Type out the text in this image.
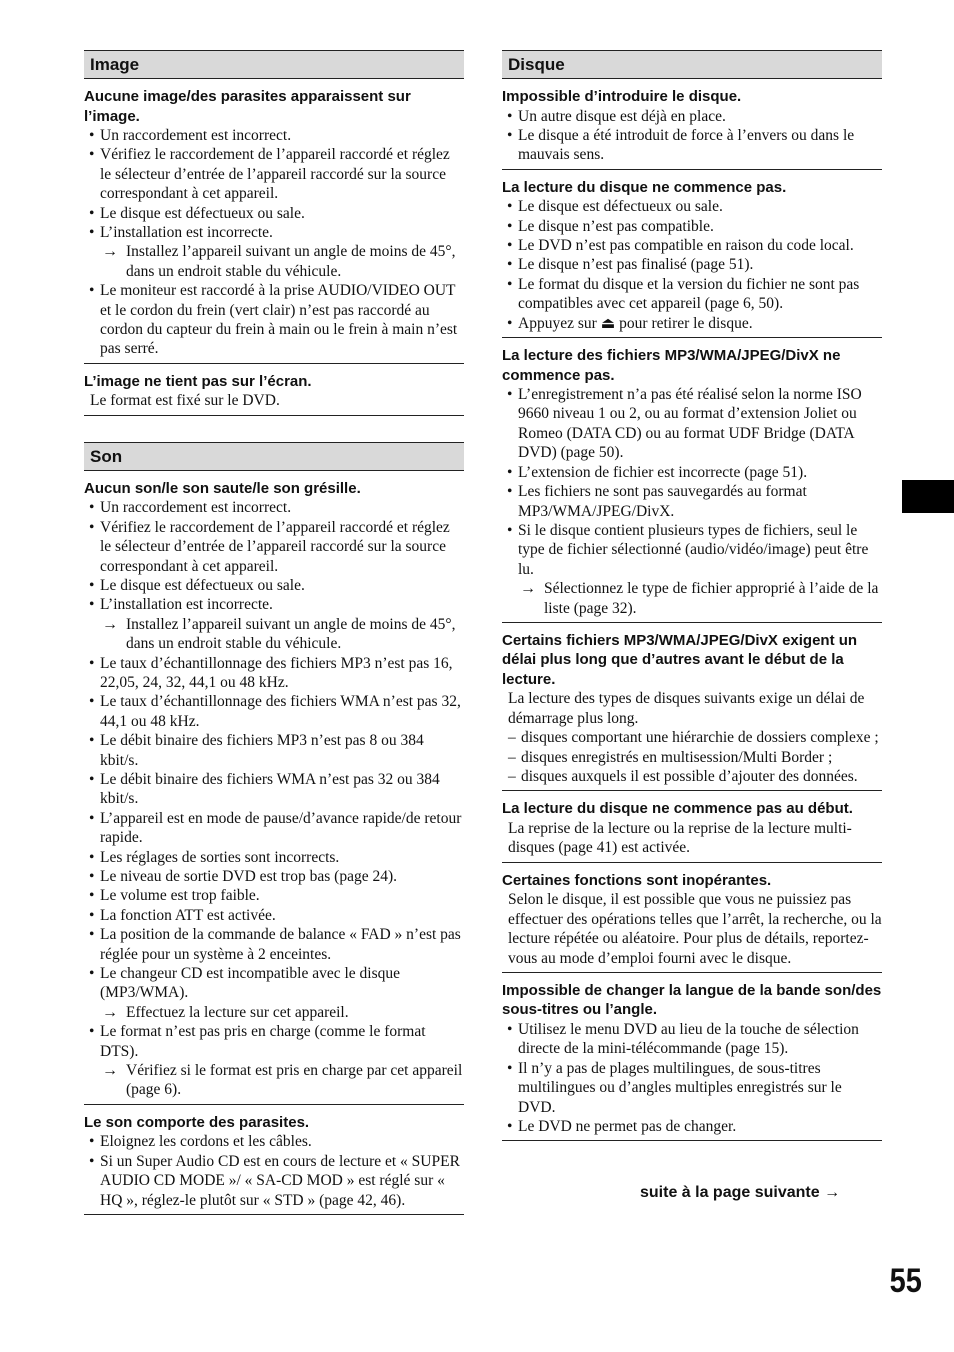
Image
Aucune image/des parasites apparaissent sur l’image.
• Un raccordement est incorrect.
• Vérifiez le raccordement de l’appareil raccordé et réglez le sélecteur d’entrée de l’appareil raccordé sur la source correspondant à cet appareil.
• Le disque est défectueux ou sale.
• L’installation est incorrecte.
→ Installez l’appareil suivant un angle de moins de 45°, dans un endroit stable du véhicule.
• Le moniteur est raccordé à la prise AUDIO/VIDEO OUT et le cordon du frein (vert clair) n’est pas raccordé au cordon du capteur du frein à main ou le frein à main n’est pas serré.
L’image ne tient pas sur l’écran.
Le format est fixé sur le DVD.
Son
Aucun son/le son saute/le son grésille.
• Un raccordement est incorrect.
• Vérifiez le raccordement de l’appareil raccordé et réglez le sélecteur d’entrée de l’appareil raccordé sur la source correspondant à cet appareil.
• Le disque est défectueux ou sale.
• L’installation est incorrecte.
→ Installez l’appareil suivant un angle de moins de 45°, dans un endroit stable du véhicule.
• Le taux d’échantillonnage des fichiers MP3 n’est pas 16, 22,05, 24, 32, 44,1 ou 48 kHz.
• Le taux d’échantillonnage des fichiers WMA n’est pas 32, 44,1 ou 48 kHz.
• Le débit binaire des fichiers MP3 n’est pas 8 ou 384 kbit/s.
• Le débit binaire des fichiers WMA n’est pas 32 ou 384 kbit/s.
• L’appareil est en mode de pause/d’avance rapide/de retour rapide.
• Les réglages de sorties sont incorrects.
• Le niveau de sortie DVD est trop bas (page 24).
• Le volume est trop faible.
• La fonction ATT est activée.
• La position de la commande de balance « FAD » n’est pas réglée pour un système à 2 enceintes.
• Le changeur CD est incompatible avec le disque (MP3/WMA).
→ Effectuez la lecture sur cet appareil.
• Le format n’est pas pris en charge (comme le format DTS).
→ Vérifiez si le format est pris en charge par cet appareil (page 6).
Le son comporte des parasites.
• Eloignez les cordons et les câbles.
• Si un Super Audio CD est en cours de lecture et « SUPER AUDIO CD MODE »/ « SA-CD MOD » est réglé sur « HQ », réglez-le plutôt sur « STD » (page 42, 46).
Disque
Impossible d’introduire le disque.
• Un autre disque est déjà en place.
• Le disque a été introduit de force à l’envers ou dans le mauvais sens.
La lecture du disque ne commence pas.
• Le disque est défectueux ou sale.
• Le disque n’est pas compatible.
• Le DVD n’est pas compatible en raison du code local.
• Le disque n’est pas finalisé (page 51).
• Le format du disque et la version du fichier ne sont pas compatibles avec cet appareil (page 6, 50).
• Appuyez sur ⏏ pour retirer le disque.
La lecture des fichiers MP3/WMA/JPEG/DivX ne commence pas.
• L’enregistrement n’a pas été réalisé selon la norme ISO 9660 niveau 1 ou 2, ou au format d’extension Joliet ou Romeo (DATA CD) ou au format UDF Bridge (DATA DVD) (page 50).
• L’extension de fichier est incorrecte (page 51).
• Les fichiers ne sont pas sauvegardés au format MP3/WMA/JPEG/DivX.
• Si le disque contient plusieurs types de fichiers, seul le type de fichier sélectionné (audio/vidéo/image) peut être lu.
→ Sélectionnez le type de fichier approprié à l’aide de la liste (page 32).
Certains fichiers MP3/WMA/JPEG/DivX exigent un délai plus long que d’autres avant le début de la lecture.
La lecture des types de disques suivants exige un délai de démarrage plus long.
– disques comportant une hiérarchie de dossiers complexe ;
– disques enregistrés en multisession/Multi Border ;
– disques auxquels il est possible d’ajouter des données.
La lecture du disque ne commence pas au début.
La reprise de la lecture ou la reprise de la lecture multi-disques (page 41) est activée.
Certaines fonctions sont inopérantes.
Selon le disque, il est possible que vous ne puissiez pas effectuer des opérations telles que l’arrêt, la recherche, ou la lecture répétée ou aléatoire. Pour plus de détails, reportez-vous au mode d’emploi fourni avec le disque.
Impossible de changer la langue de la bande son/des sous-titres ou l’angle.
• Utilisez le menu DVD au lieu de la touche de sélection directe de la mini-télécommande (page 15).
• Il n’y a pas de plages multilingues, de sous-titres multilingues ou d’angles multiples enregistrés sur le DVD.
• Le DVD ne permet pas de changer.
suite à la page suivante →
55
